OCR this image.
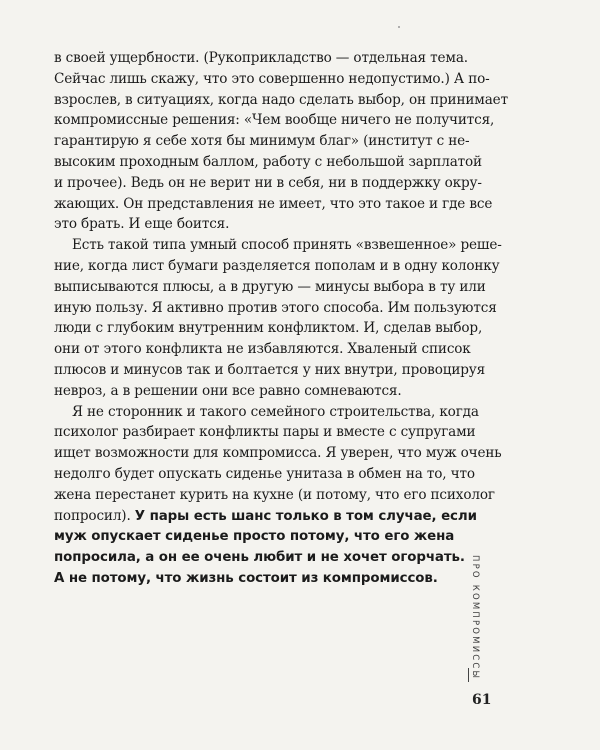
в своей ущербности. (Рукоприкладство — отдельная тема.
Сейчас лишь скажу, что это совершенно недопустимо.) А по-
взрослев, в ситуациях, когда надо сделать выбор, он принимает
компромиссные решения: «Чем вообще ничего не получится,
гарантирую я себе хотя бы минимум благ» (институт с не-
высоким проходным баллом, работу с небольшой зарплатой
и прочее). Ведь он не верит ни в себя, ни в поддержку окру-
жающих. Он представления не имеет, что это такое и где все
это брать. И еще боится.
Есть такой типа умный способ принять «взвешенное» реше-
ние, когда лист бумаги разделяется пополам и в одну колонку
выписываются плюсы, а в другую — минусы выбора в ту или
иную пользу. Я активно против этого способа. Им пользуются
люди с глубоким внутренним конфликтом. И, сделав выбор,
они от этого конфликта не избавляются. Хваленый список
плюсов и минусов так и болтается у них внутри, провоцируя
невроз, а в решении они все равно сомневаются.
Я не сторонник и такого семейного строительства, когда
психолог разбирает конфликты пары и вместе с супругами
ищет возможности для компромисса. Я уверен, что муж очень
недолго будет опускать сиденье унитаза в обмен на то, что
жена перестанет курить на кухне (и потому, что его психолог
попросил). У пары есть шанс только в том случае, если
муж опускает сиденье просто потому, что его жена
попросила, а он ее очень любит и не хочет огорчать.
А не потому, что жизнь состоит из компромиссов.	ПРО КОМПРОМИССЫ
61
